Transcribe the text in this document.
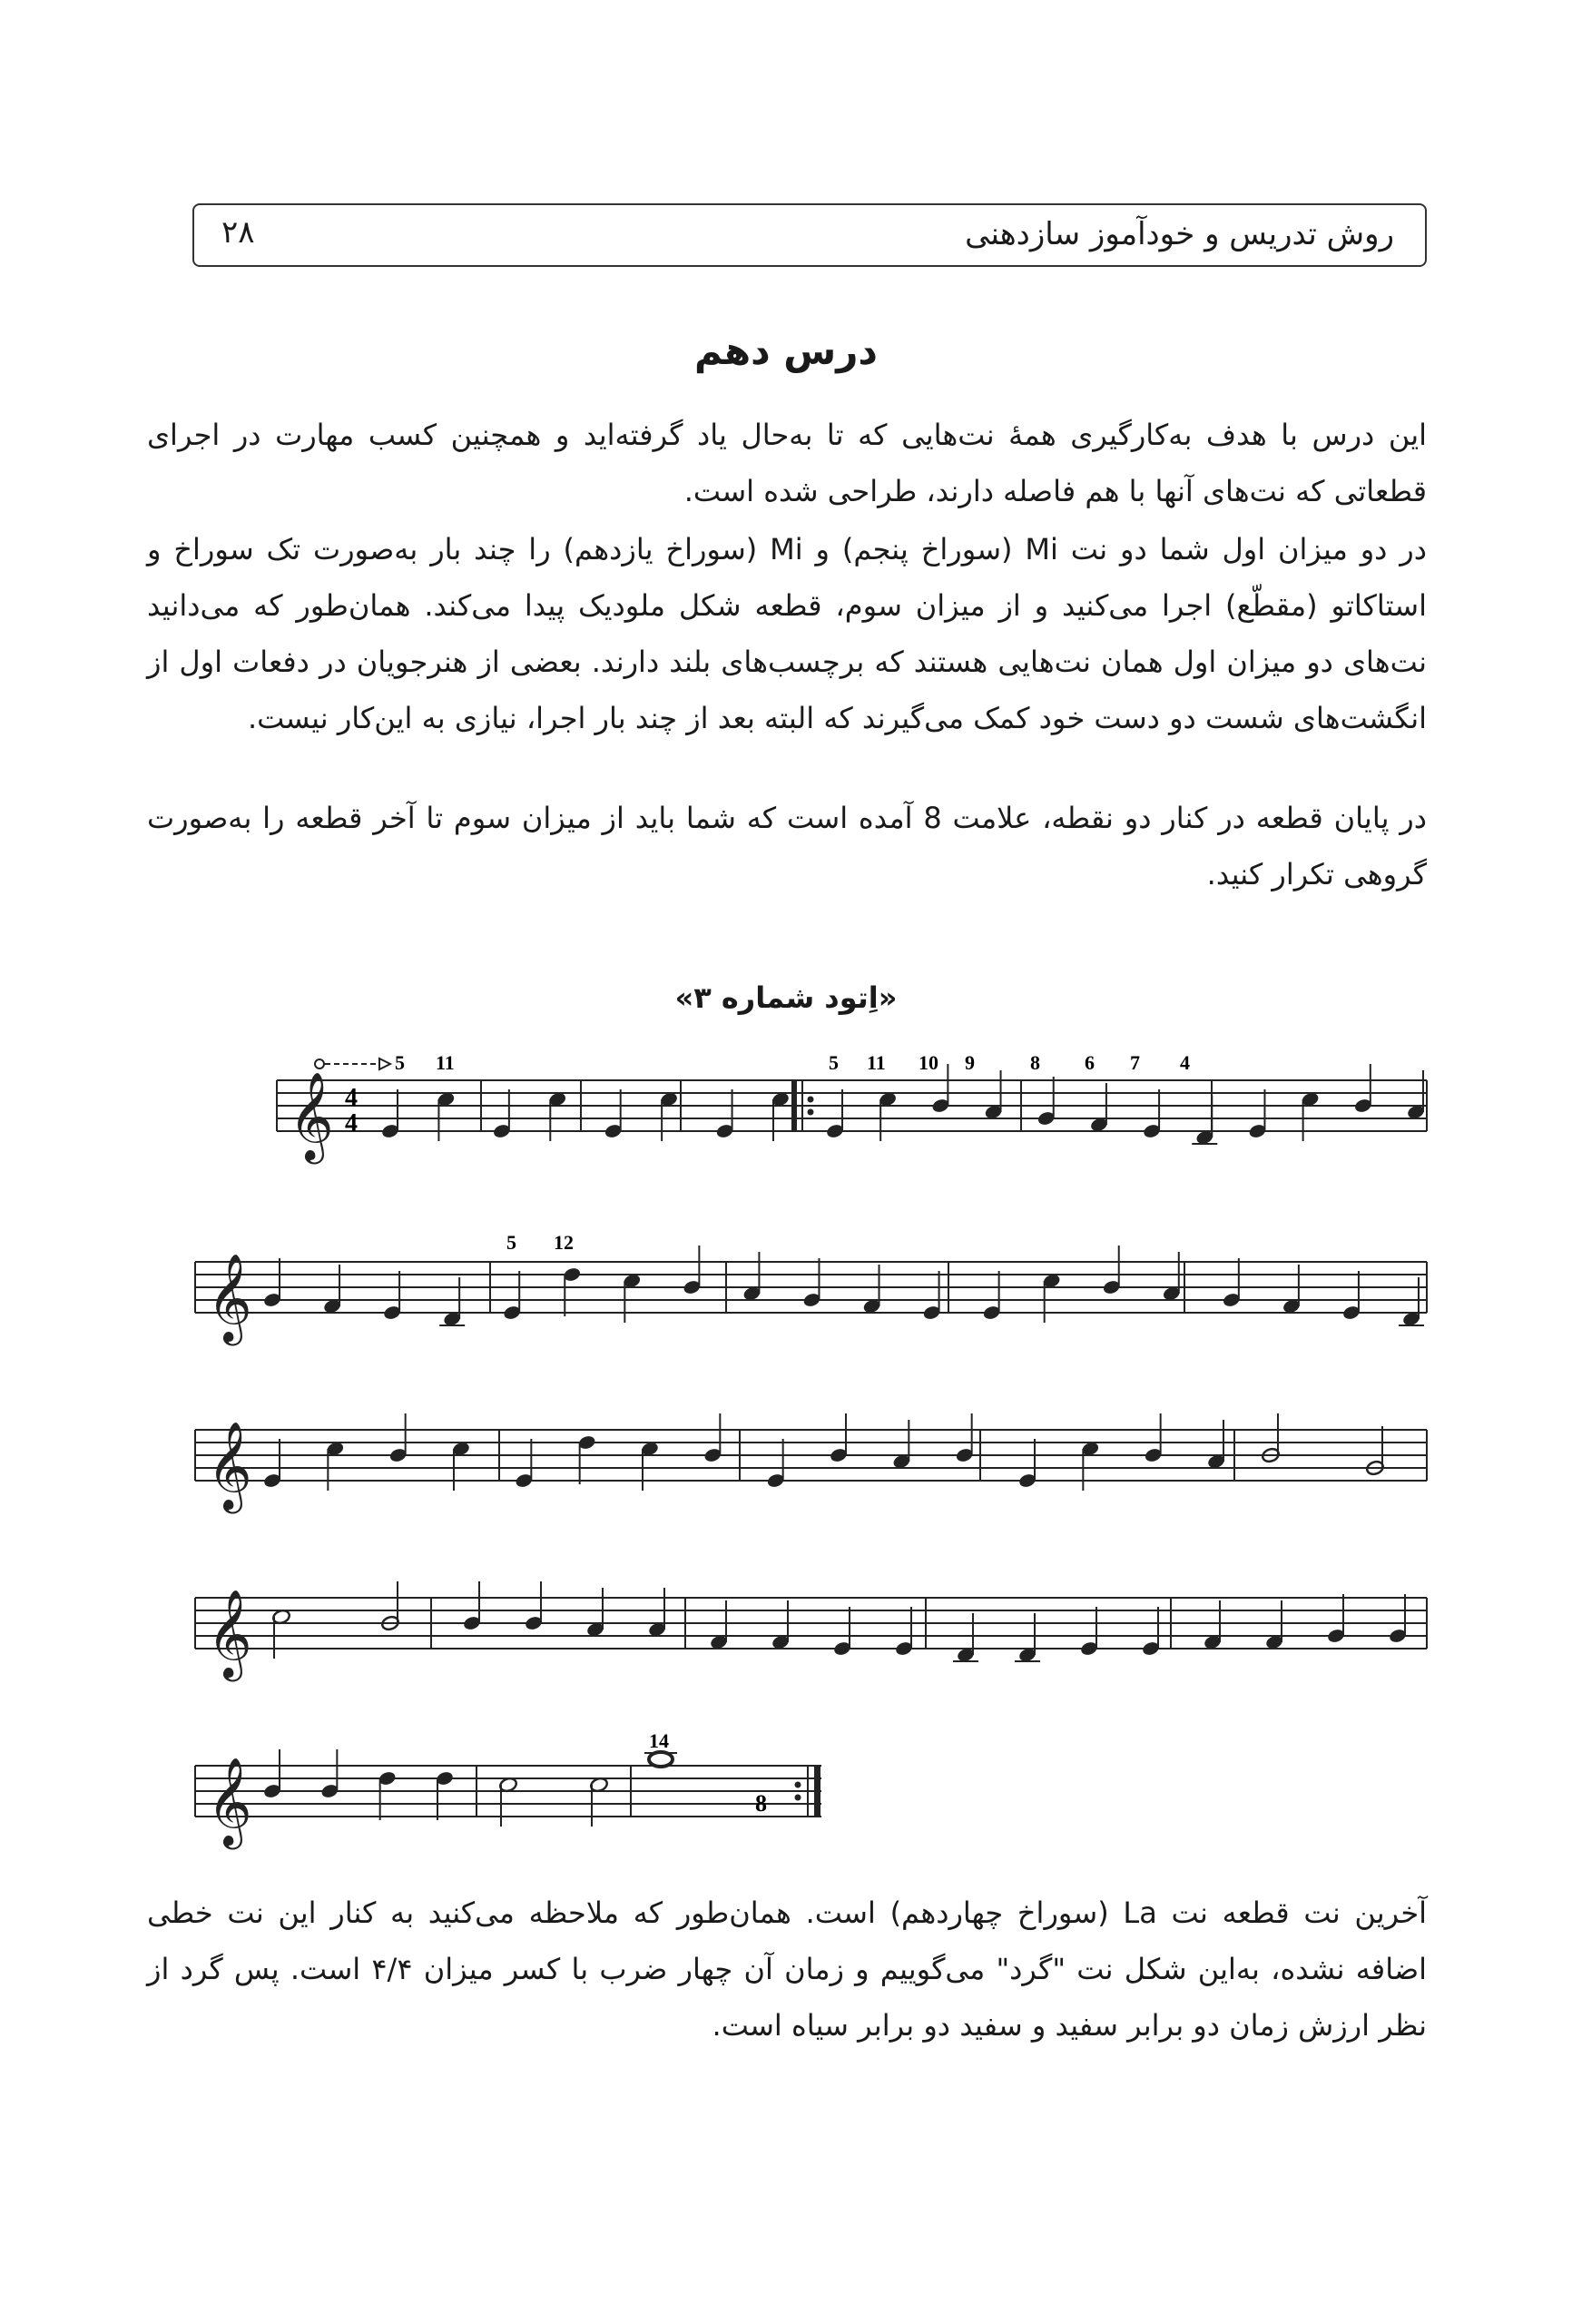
روش تدریس و خودآموز سازدهنی
۲۸
درس دهم
این درس با هدف به‌کارگیری همهٔ نت‌هایی که تا به‌حال یاد گرفته‌اید و همچنین کسب مهارت در اجرای قطعاتی که نت‌های آنها با هم فاصله دارند، طراحی شده است.
در دو میزان اول شما دو نت Mi (سوراخ پنجم) و Mi (سوراخ یازدهم) را چند بار به‌صورت تک سوراخ و استاکاتو (مقطّع) اجرا می‌کنید و از میزان سوم، قطعه شکل ملودیک پیدا می‌کند. همان‌طور که می‌دانید نت‌های دو میزان اول همان نت‌هایی هستند که برچسب‌های بلند دارند. بعضی از هنرجویان در دفعات اول از انگشت‌های شست دو دست خود کمک می‌گیرند که البته بعد از چند بار اجرا، نیازی به این‌کار نیست.
در پایان قطعه در کنار دو نقطه، علامت 8 آمده است که شما باید از میزان سوم تا آخر قطعه را به‌صورت گروهی تکرار کنید.
«اِتود شماره ۳»
𝄞 4
4
5 11	5 11 10 9	8 6 7 4
𝄞
5 12
𝄞
𝄞
𝄞
14
8
آخرین نت قطعه نت La (سوراخ چهاردهم) است. همان‌طور که ملاحظه می‌کنید به کنار این نت خطی اضافه نشده، به‌این شکل نت "گرد" می‌گوییم و زمان آن چهار ضرب با کسر میزان ۴/۴ است. پس گرد از نظر ارزش زمان دو برابر سفید و سفید دو برابر سیاه است.
